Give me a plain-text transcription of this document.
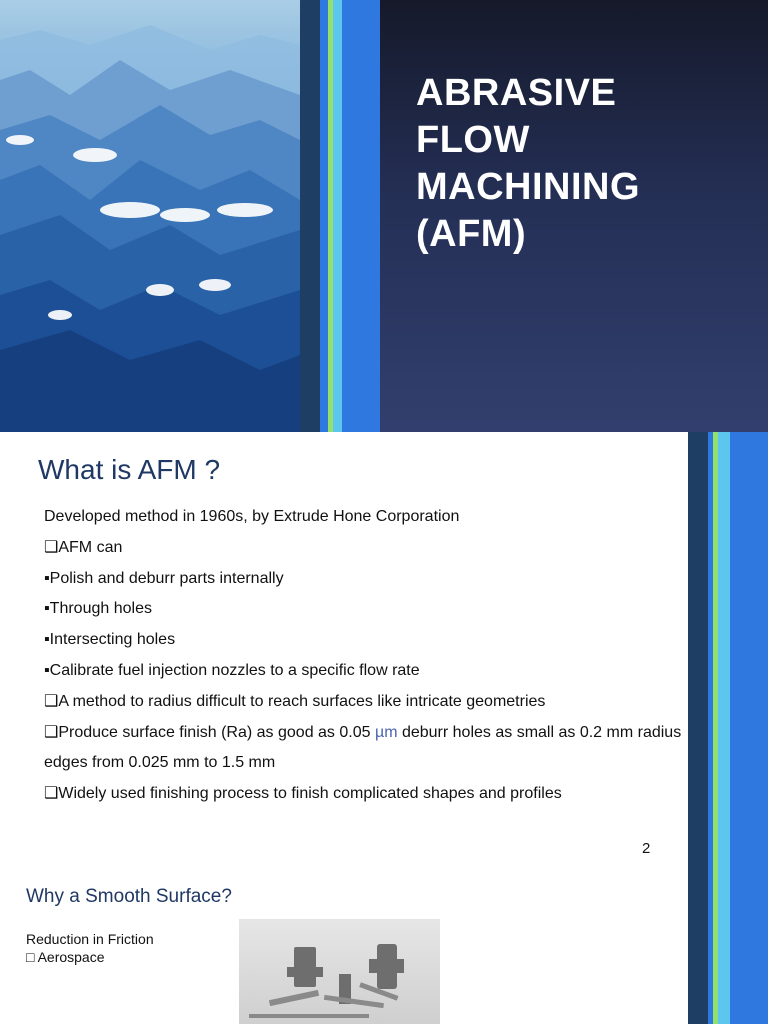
ABRASIVE
FLOW
MACHINING
(AFM)
What is AFM ?
Developed method in 1960s, by Extrude Hone Corporation
❑AFM can
▪Polish and deburr parts internally
▪Through holes
▪Intersecting holes
▪Calibrate fuel injection nozzles to a specific flow rate
❑A method to radius difficult to reach surfaces like intricate geometries
❑Produce surface finish (Ra) as good as 0.05 µm deburr holes as small as 0.2 mm radius edges from 0.025 mm to 1.5 mm
❑Widely used finishing process to finish complicated shapes and profiles
2
Why a Smooth Surface?
Reduction in Friction
□ Aerospace
